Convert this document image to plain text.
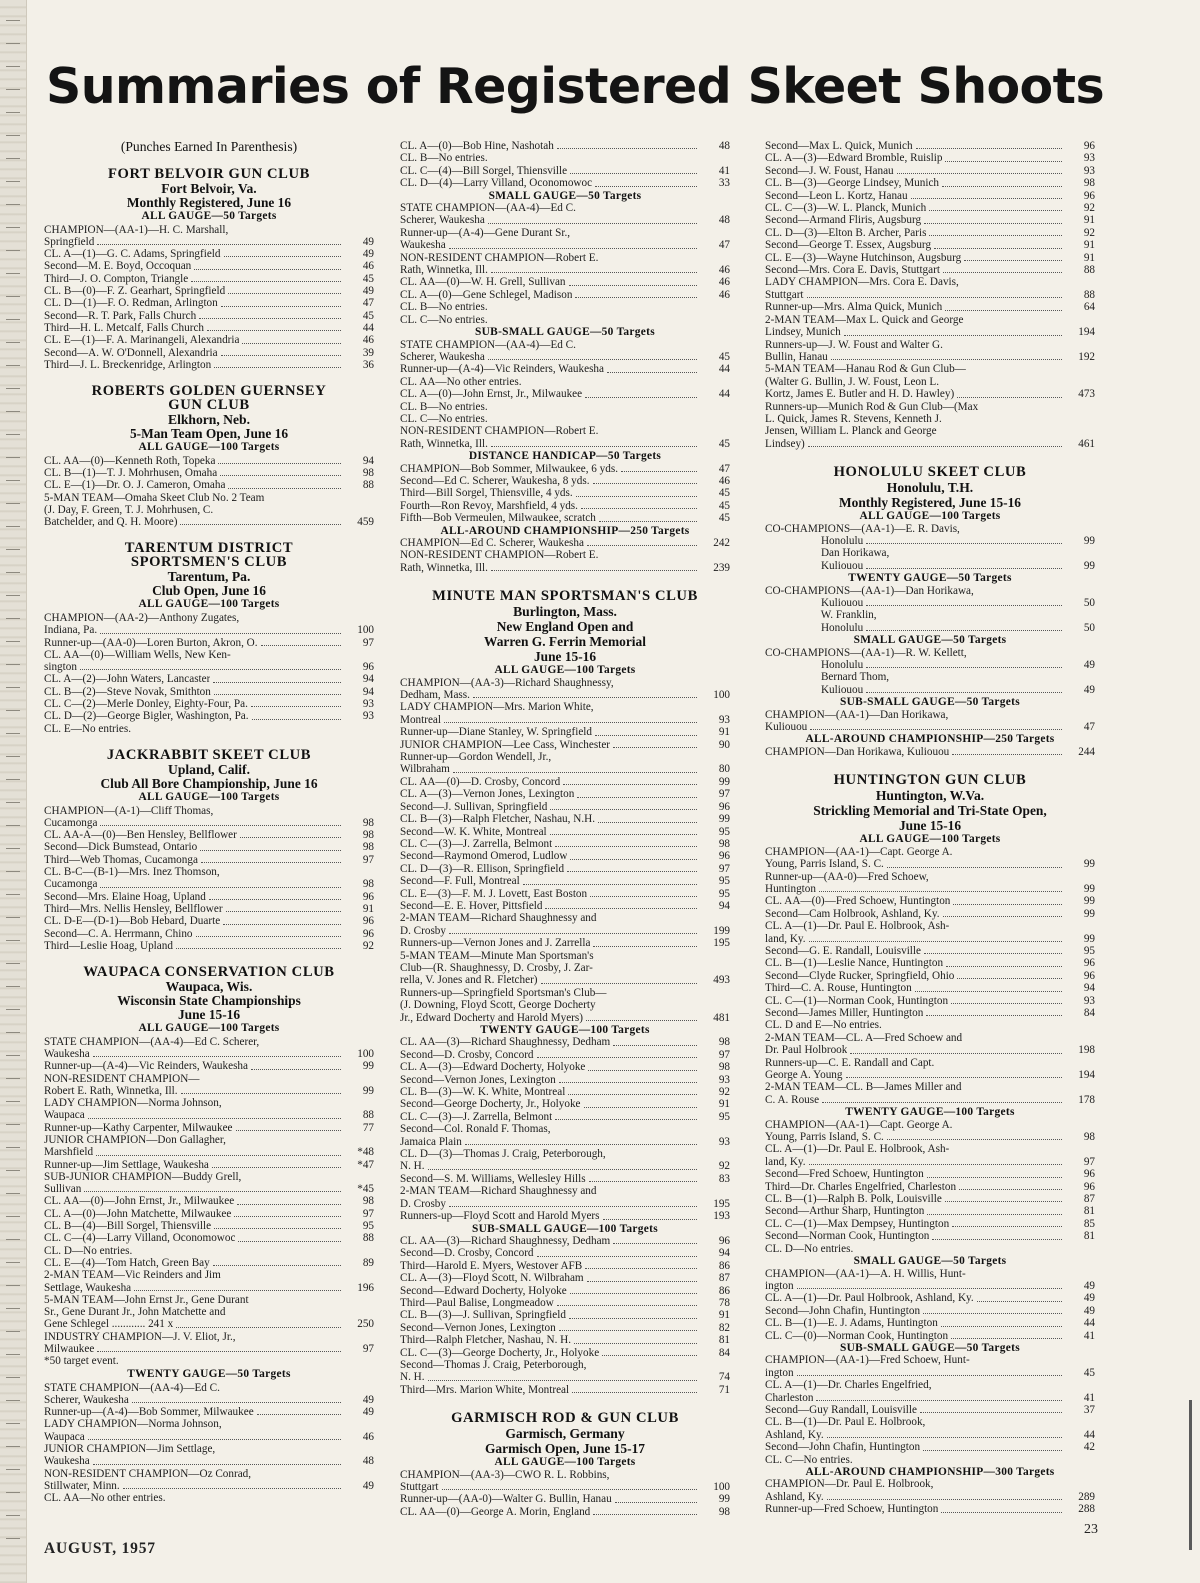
Summaries of Registered Skeet Shoots
(Punches Earned In Parenthesis)
FORT BELVOIR GUN CLUB
Fort Belvoir, Va.
Monthly Registered, June 16
ALL GAUGE—50 Targets
CHAMPION—(AA-1)—H. C. Marshall,
Springfield	49
CL. A—(1)—G. C. Adams, Springfield	49
Second—M. E. Boyd, Occoquan	46
Third—J. O. Compton, Triangle	45
CL. B—(0)—F. Z. Gearhart, Springfield	49
CL. D—(1)—F. O. Redman, Arlington	47
Second—R. T. Park, Falls Church	45
Third—H. L. Metcalf, Falls Church	44
CL. E—(1)—F. A. Marinangeli, Alexandria	46
Second—A. W. O'Donnell, Alexandria	39
Third—J. L. Breckenridge, Arlington	36
ROBERTS GOLDEN GUERNSEY
GUN CLUB
Elkhorn, Neb.
5-Man Team Open, June 16
ALL GAUGE—100 Targets
CL. AA—(0)—Kenneth Roth, Topeka	94
CL. B—(1)—T. J. Mohrhusen, Omaha	98
CL. E—(1)—Dr. O. J. Cameron, Omaha	88
5-MAN TEAM—Omaha Skeet Club No. 2 Team
(J. Day, F. Green, T. J. Mohrhusen, C.
Batchelder, and Q. H. Moore)	459
TARENTUM DISTRICT
SPORTSMEN'S CLUB
Tarentum, Pa.
Club Open, June 16
ALL GAUGE—100 Targets
CHAMPION—(AA-2)—Anthony Zugates,
Indiana, Pa.	100
Runner-up—(AA-0)—Loren Burton, Akron, O.	97
CL. AA—(0)—William Wells, New Ken-
sington	96
CL. A—(2)—John Waters, Lancaster	94
CL. B—(2)—Steve Novak, Smithton	94
CL. C—(2)—Merle Donley, Eighty-Four, Pa.	93
CL. D—(2)—George Bigler, Washington, Pa.	93
CL. E—No entries.
JACKRABBIT SKEET CLUB
Upland, Calif.
Club All Bore Championship, June 16
ALL GAUGE—100 Targets
CHAMPION—(A-1)—Cliff Thomas,
Cucamonga	98
CL. AA-A—(0)—Ben Hensley, Bellflower	98
Second—Dick Bumstead, Ontario	98
Third—Web Thomas, Cucamonga	97
CL. B-C—(B-1)—Mrs. Inez Thomson,
Cucamonga	98
Second—Mrs. Elaine Hoag, Upland	96
Third—Mrs. Nellis Hensley, Bellflower	91
CL. D-E—(D-1)—Bob Hebard, Duarte	96
Second—C. A. Herrmann, Chino	96
Third—Leslie Hoag, Upland	92
WAUPACA CONSERVATION CLUB
Waupaca, Wis.
Wisconsin State Championships
June 15-16
ALL GAUGE—100 Targets
STATE CHAMPION—(AA-4)—Ed C. Scherer,
Waukesha	100
Runner-up—(A-4)—Vic Reinders, Waukesha	99
NON-RESIDENT CHAMPION—
Robert E. Rath, Winnetka, Ill.	99
LADY CHAMPION—Norma Johnson,
Waupaca	88
Runner-up—Kathy Carpenter, Milwaukee	77
JUNIOR CHAMPION—Don Gallagher,
Marshfield	*48
Runner-up—Jim Settlage, Waukesha	*47
SUB-JUNIOR CHAMPION—Buddy Grell,
Sullivan	*45
CL. AA—(0)—John Ernst, Jr., Milwaukee	98
CL. A—(0)—John Matchette, Milwaukee	97
CL. B—(4)—Bill Sorgel, Thiensville	95
CL. C—(4)—Larry Villand, Oconomowoc	88
CL. D—No entries.
CL. E—(4)—Tom Hatch, Green Bay	89
2-MAN TEAM—Vic Reinders and Jim
Settlage, Waukesha	196
5-MAN TEAM—John Ernst Jr., Gene Durant
Sr., Gene Durant Jr., John Matchette and
Gene Schlegel ............ 241 x	250
INDUSTRY CHAMPION—J. V. Eliot, Jr.,
Milwaukee	97
*50 target event.
TWENTY GAUGE—50 Targets
STATE CHAMPION—(AA-4)—Ed C.
Scherer, Waukesha	49
Runner-up—(A-4)—Bob Sommer, Milwaukee	49
LADY CHAMPION—Norma Johnson,
Waupaca	46
JUNIOR CHAMPION—Jim Settlage,
Waukesha	48
NON-RESIDENT CHAMPION—Oz Conrad,
Stillwater, Minn.	49
CL. AA—No other entries.
CL. A—(0)—Bob Hine, Nashotah	48
CL. B—No entries.
CL. C—(4)—Bill Sorgel, Thiensville	41
CL. D—(4)—Larry Villand, Oconomowoc	33
SMALL GAUGE—50 Targets
STATE CHAMPION—(AA-4)—Ed C.
Scherer, Waukesha	48
Runner-up—(A-4)—Gene Durant Sr.,
Waukesha	47
NON-RESIDENT CHAMPION—Robert E.
Rath, Winnetka, Ill.	46
CL. AA—(0)—W. H. Grell, Sullivan	46
CL. A—(0)—Gene Schlegel, Madison	46
CL. B—No entries.
CL. C—No entries.
SUB-SMALL GAUGE—50 Targets
STATE CHAMPION—(AA-4)—Ed C.
Scherer, Waukesha	45
Runner-up—(A-4)—Vic Reinders, Waukesha	44
CL. AA—No other entries.
CL. A—(0)—John Ernst, Jr., Milwaukee	44
CL. B—No entries.
CL. C—No entries.
NON-RESIDENT CHAMPION—Robert E.
Rath, Winnetka, Ill.	45
DISTANCE HANDICAP—50 Targets
CHAMPION—Bob Sommer, Milwaukee, 6 yds.	47
Second—Ed C. Scherer, Waukesha, 8 yds.	46
Third—Bill Sorgel, Thiensville, 4 yds.	45
Fourth—Ron Revoy, Marshfield, 4 yds.	45
Fifth—Bob Vermeulen, Milwaukee, scratch	45
ALL-AROUND CHAMPIONSHIP—250 Targets
CHAMPION—Ed C. Scherer, Waukesha	242
NON-RESIDENT CHAMPION—Robert E.
Rath, Winnetka, Ill.	239
MINUTE MAN SPORTSMAN'S CLUB
Burlington, Mass.
New England Open and
Warren G. Ferrin Memorial
June 15-16
ALL GAUGE—100 Targets
CHAMPION—(AA-3)—Richard Shaughnessy,
Dedham, Mass.	100
LADY CHAMPION—Mrs. Marion White,
Montreal	93
Runner-up—Diane Stanley, W. Springfield	91
JUNIOR CHAMPION—Lee Cass, Winchester	90
Runner-up—Gordon Wendell, Jr.,
Wilbraham	80
CL. AA—(0)—D. Crosby, Concord	99
CL. A—(3)—Vernon Jones, Lexington	97
Second—J. Sullivan, Springfield	96
CL. B—(3)—Ralph Fletcher, Nashau, N.H.	99
Second—W. K. White, Montreal	95
CL. C—(3)—J. Zarrella, Belmont	98
Second—Raymond Omerod, Ludlow	96
CL. D—(3)—R. Ellison, Springfield	97
Second—F. Full, Montreal	95
CL. E—(3)—F. M. J. Lovett, East Boston	95
Second—E. E. Hover, Pittsfield	94
2-MAN TEAM—Richard Shaughnessy and
D. Crosby	199
Runners-up—Vernon Jones and J. Zarrella	195
5-MAN TEAM—Minute Man Sportsman's
Club—(R. Shaughnessy, D. Crosby, J. Zar-
rella, V. Jones and R. Fletcher)	493
Runners-up—Springfield Sportsman's Club—
(J. Downing, Floyd Scott, George Docherty
Jr., Edward Docherty and Harold Myers)	481
TWENTY GAUGE—100 Targets
CL. AA—(3)—Richard Shaughnessy, Dedham	98
Second—D. Crosby, Concord	97
CL. A—(3)—Edward Docherty, Holyoke	98
Second—Vernon Jones, Lexington	93
CL. B—(3)—W. K. White, Montreal	92
Second—George Docherty, Jr., Holyoke	91
CL. C—(3)—J. Zarrella, Belmont	95
Second—Col. Ronald F. Thomas,
Jamaica Plain	93
CL. D—(3)—Thomas J. Craig, Peterborough,
N. H.	92
Second—S. M. Williams, Wellesley Hills	83
2-MAN TEAM—Richard Shaughnessy and
D. Crosby	195
Runners-up—Floyd Scott and Harold Myers	193
SUB-SMALL GAUGE—100 Targets
CL. AA—(3)—Richard Shaughnessy, Dedham	96
Second—D. Crosby, Concord	94
Third—Harold E. Myers, Westover AFB	86
CL. A—(3)—Floyd Scott, N. Wilbraham	87
Second—Edward Docherty, Holyoke	86
Third—Paul Balise, Longmeadow	78
CL. B—(3)—J. Sullivan, Springfield	91
Second—Vernon Jones, Lexington	82
Third—Ralph Fletcher, Nashau, N. H.	81
CL. C—(3)—George Docherty, Jr., Holyoke	84
Second—Thomas J. Craig, Peterborough,
N. H.	74
Third—Mrs. Marion White, Montreal	71
GARMISCH ROD & GUN CLUB
Garmisch, Germany
Garmisch Open, June 15-17
ALL GAUGE—100 Targets
CHAMPION—(AA-3)—CWO R. L. Robbins,
Stuttgart	100
Runner-up—(AA-0)—Walter G. Bullin, Hanau	99
CL. AA—(0)—George A. Morin, England	98
Second—Max L. Quick, Munich	96
CL. A—(3)—Edward Bromble, Ruislip	93
Second—J. W. Foust, Hanau	93
CL. B—(3)—George Lindsey, Munich	98
Second—Leon L. Kortz, Hanau	96
CL. C—(3)—W. L. Planck, Munich	92
Second—Armand Fliris, Augsburg	91
CL. D—(3)—Elton B. Archer, Paris	92
Second—George T. Essex, Augsburg	91
CL. E—(3)—Wayne Hutchinson, Augsburg	91
Second—Mrs. Cora E. Davis, Stuttgart	88
LADY CHAMPION—Mrs. Cora E. Davis,
Stuttgart	88
Runner-up—Mrs. Alma Quick, Munich	64
2-MAN TEAM—Max L. Quick and George
Lindsey, Munich	194
Runners-up—J. W. Foust and Walter G.
Bullin, Hanau	192
5-MAN TEAM—Hanau Rod & Gun Club—
(Walter G. Bullin, J. W. Foust, Leon L.
Kortz, James E. Butler and H. D. Hawley)	473
Runners-up—Munich Rod & Gun Club—(Max
L. Quick, James R. Stevens, Kenneth J.
Jensen, William L. Planck and George
Lindsey)	461
HONOLULU SKEET CLUB
Honolulu, T.H.
Monthly Registered, June 15-16
ALL GAUGE—100 Targets
CO-CHAMPIONS—(AA-1)—E. R. Davis,
Honolulu	99
Dan Horikawa,
Kuliouou	99
TWENTY GAUGE—50 Targets
CO-CHAMPIONS—(AA-1)—Dan Horikawa,
Kuliouou	50
W. Franklin,
Honolulu	50
SMALL GAUGE—50 Targets
CO-CHAMPIONS—(AA-1)—R. W. Kellett,
Honolulu	49
Bernard Thom,
Kuliouou	49
SUB-SMALL GAUGE—50 Targets
CHAMPION—(AA-1)—Dan Horikawa,
Kuliouou	47
ALL-AROUND CHAMPIONSHIP—250 Targets
CHAMPION—Dan Horikawa, Kuliouou	244
HUNTINGTON GUN CLUB
Huntington, W.Va.
Strickling Memorial and Tri-State Open,
June 15-16
ALL GAUGE—100 Targets
CHAMPION—(AA-1)—Capt. George A.
Young, Parris Island, S. C.	99
Runner-up—(AA-0)—Fred Schoew,
Huntington	99
CL. AA—(0)—Fred Schoew, Huntington	99
Second—Cam Holbrook, Ashland, Ky.	99
CL. A—(1)—Dr. Paul E. Holbrook, Ash-
land, Ky.	99
Second—G. E. Randall, Louisville	95
CL. B—(1)—Leslie Nance, Huntington	96
Second—Clyde Rucker, Springfield, Ohio	96
Third—C. A. Rouse, Huntington	94
CL. C—(1)—Norman Cook, Huntington	93
Second—James Miller, Huntington	84
CL. D and E—No entries.
2-MAN TEAM—CL. A—Fred Schoew and
Dr. Paul Holbrook	198
Runners-up—C. E. Randall and Capt.
George A. Young	194
2-MAN TEAM—CL. B—James Miller and
C. A. Rouse	178
TWENTY GAUGE—100 Targets
CHAMPION—(AA-1)—Capt. George A.
Young, Parris Island, S. C.	98
CL. A—(1)—Dr. Paul E. Holbrook, Ash-
land, Ky.	97
Second—Fred Schoew, Huntington	96
Third—Dr. Charles Engelfried, Charleston	96
CL. B—(1)—Ralph B. Polk, Louisville	87
Second—Arthur Sharp, Huntington	81
CL. C—(1)—Max Dempsey, Huntington	85
Second—Norman Cook, Huntington	81
CL. D—No entries.
SMALL GAUGE—50 Targets
CHAMPION—(AA-1)—A. H. Willis, Hunt-
ington	49
CL. A—(1)—Dr. Paul Holbrook, Ashland, Ky.	49
Second—John Chafin, Huntington	49
CL. B—(1)—E. J. Adams, Huntington	44
CL. C—(0)—Norman Cook, Huntington	41
SUB-SMALL GAUGE—50 Targets
CHAMPION—(AA-1)—Fred Schoew, Hunt-
ington	45
CL. A—(1)—Dr. Charles Engelfried,
Charleston	41
Second—Guy Randall, Louisville	37
CL. B—(1)—Dr. Paul E. Holbrook,
Ashland, Ky.	44
Second—John Chafin, Huntington	42
CL. C—No entries.
ALL-AROUND CHAMPIONSHIP—300 Targets
CHAMPION—Dr. Paul E. Holbrook,
Ashland, Ky.	289
Runner-up—Fred Schoew, Huntington	288
AUGUST, 1957
23
